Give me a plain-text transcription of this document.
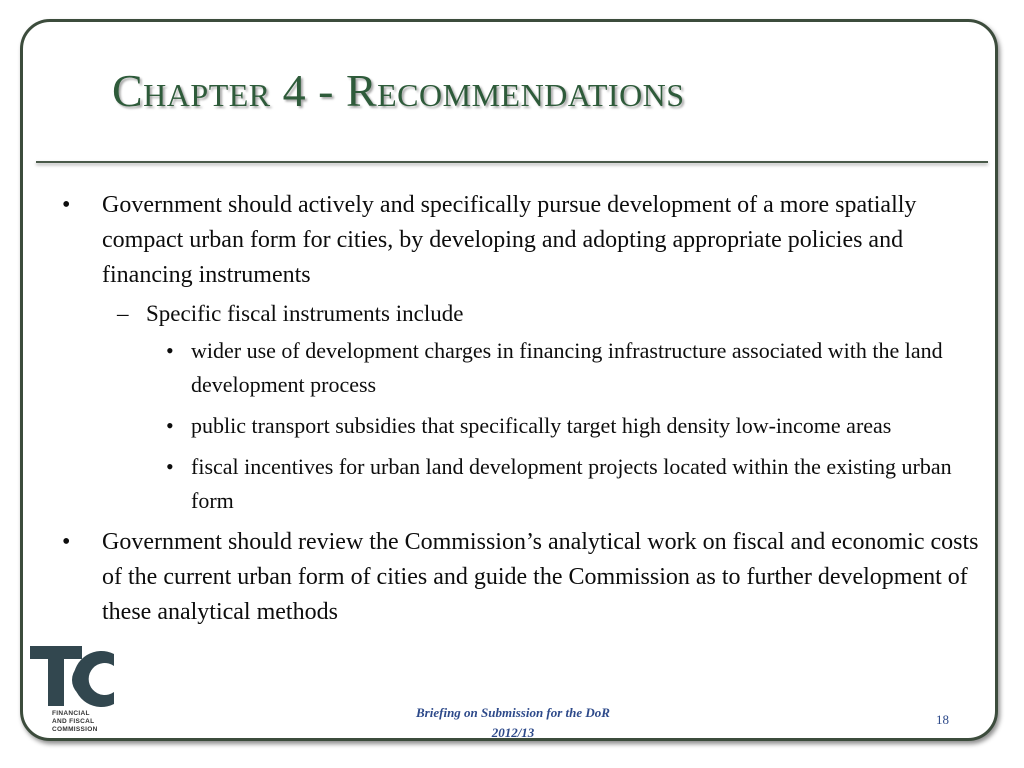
Chapter 4 - Recommendations
• Government should actively and specifically pursue development of a more spatially compact urban form for cities, by developing and adopting appropriate policies and financing instruments
– Specific fiscal instruments include
• wider use of development charges in financing infrastructure associated with the land development process
• public transport subsidies that specifically target high density low-income areas
• fiscal incentives for urban land development projects located within the existing urban form
• Government should review the Commission’s analytical work on fiscal and economic costs of the current urban form of cities and guide the Commission as to further development of these analytical methods
FINANCIAL
AND FISCAL
COMMISSION
Briefing on Submission for the DoR
2012/13
18
